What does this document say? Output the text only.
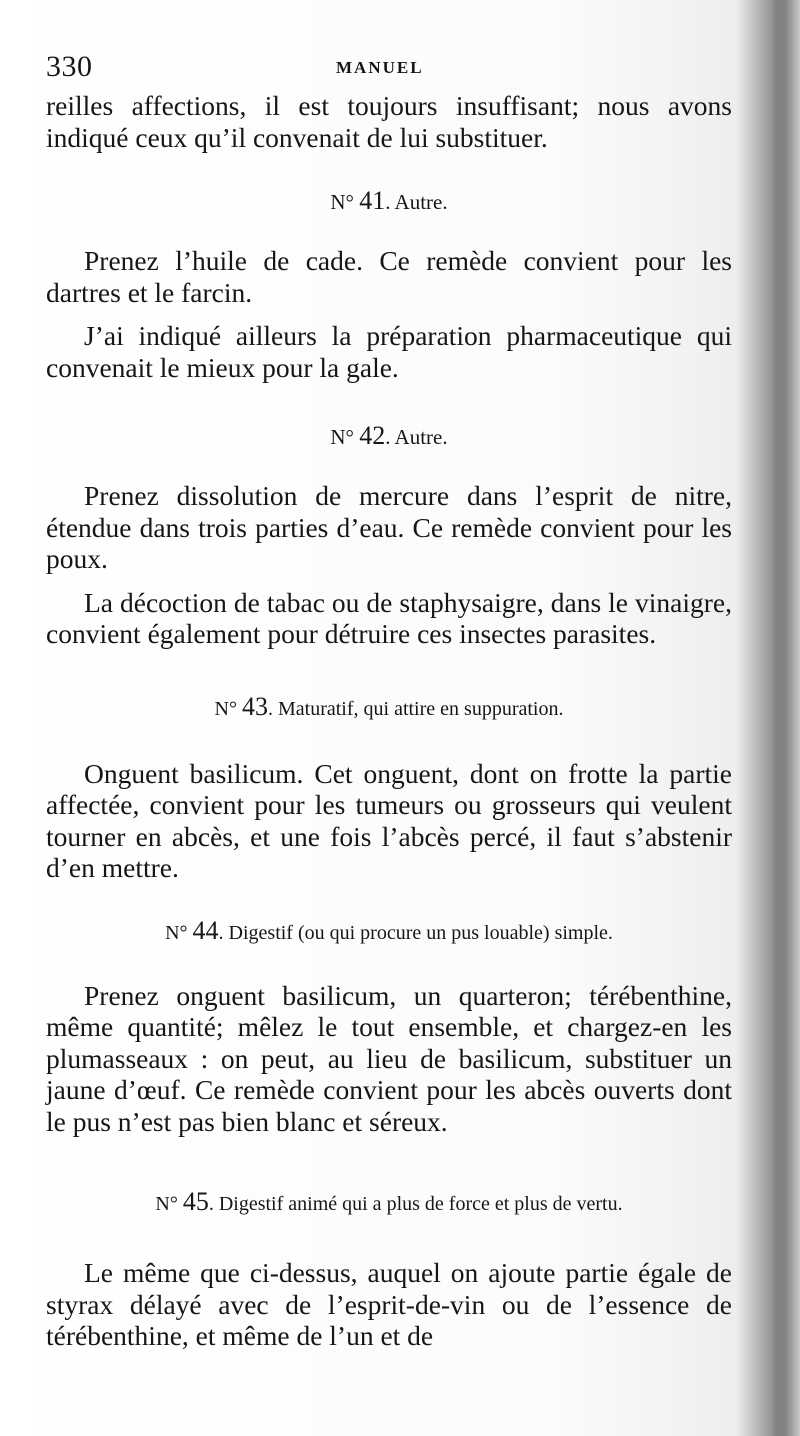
330	MANUEL

reilles affections, il est toujours insuffisant; nous avons indiqué ceux qu’il convenait de lui substituer.

N° 41. Autre.

Prenez l’huile de cade. Ce remède convient pour les dartres et le farcin.

J’ai indiqué ailleurs la préparation pharmaceutique qui convenait le mieux pour la gale.

N° 42. Autre.

Prenez dissolution de mercure dans l’esprit de nitre, étendue dans trois parties d’eau. Ce remède convient pour les poux.

La décoction de tabac ou de staphysaigre, dans le vinaigre, convient également pour détruire ces insectes parasites.

N° 43. Maturatif, qui attire en suppuration.

Onguent basilicum. Cet onguent, dont on frotte la partie affectée, convient pour les tumeurs ou grosseurs qui veulent tourner en abcès, et une fois l’abcès percé, il faut s’abstenir d’en mettre.

N° 44. Digestif (ou qui procure un pus louable) simple.

Prenez onguent basilicum, un quarteron; térébenthine, même quantité; mêlez le tout ensemble, et chargez-en les plumasseaux : on peut, au lieu de basilicum, substituer un jaune d’œuf. Ce remède convient pour les abcès ouverts dont le pus n’est pas bien blanc et séreux.

N° 45. Digestif animé qui a plus de force et plus de vertu.

Le même que ci-dessus, auquel on ajoute partie égale de styrax délayé avec de l’esprit-de-vin ou de l’essence de térébenthine, et même de l’un et de
